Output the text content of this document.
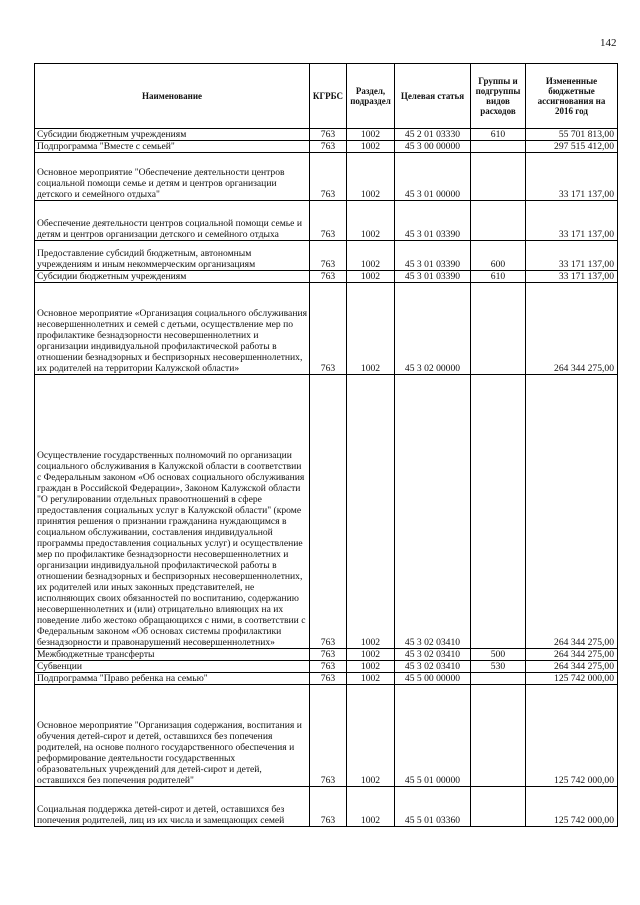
142
Наименование	КГРБС	Раздел, подраздел	Целевая статья	Группы и подгруппы видов расходов	Измененные бюджетные ассигнования на 2016 год
Субсидии бюджетным учреждениям	763	1002	45 2 01 03330	610	55 701 813,00
Подпрограмма "Вместе с семьей"	763	1002	45 3 00 00000		297 515 412,00
Основное мероприятие "Обеспечение деятельности центров социальной помощи семье и детям и центров организации детского и семейного отдыха"	763	1002	45 3 01 00000		33 171 137,00
Обеспечение деятельности центров социальной помощи семье и детям и центров организации детского и семейного отдыха	763	1002	45 3 01 03390		33 171 137,00
Предоставление субсидий бюджетным, автономным учреждениям и иным некоммерческим организациям	763	1002	45 3 01 03390	600	33 171 137,00
Субсидии бюджетным учреждениям	763	1002	45 3 01 03390	610	33 171 137,00
Основное мероприятие «Организация социального обслуживания несовершеннолетних и семей с детьми, осуществление мер по профилактике безнадзорности несовершеннолетних и организации индивидуальной профилактической работы в отношении безнадзорных и беспризорных несовершеннолетних, их родителей на территории Калужской области»	763	1002	45 3 02 00000		264 344 275,00
Осуществление государственных полномочий по организации социального обслуживания в Калужской области в соответствии с Федеральным законом «Об основах социального обслуживания граждан в Российской Федерации», Законом Калужской области "О регулировании отдельных правоотношений в сфере предоставления социальных услуг в Калужской области" (кроме принятия решения о признании гражданина нуждающимся в социальном обслуживании, составления индивидуальной программы предоставления социальных услуг) и осуществление мер по профилактике безнадзорности несовершеннолетних и организации индивидуальной профилактической работы в отношении безнадзорных и беспризорных несовершеннолетних, их родителей или иных законных представителей, не исполняющих своих обязанностей по воспитанию, содержанию несовершеннолетних и (или) отрицательно влияющих на их поведение либо жестоко обращающихся с ними, в соответствии с Федеральным законом «Об основах системы профилактики безнадзорности и правонарушений несовершеннолетних»	763	1002	45 3 02 03410		264 344 275,00
Межбюджетные трансферты	763	1002	45 3 02 03410	500	264 344 275,00
Субвенции	763	1002	45 3 02 03410	530	264 344 275,00
Подпрограмма "Право ребенка на семью"	763	1002	45 5 00 00000		125 742 000,00
Основное мероприятие "Организация содержания, воспитания и обучения детей-сирот и детей, оставшихся без попечения родителей, на основе полного государственного обеспечения и реформирование деятельности государственных образовательных учреждений для детей-сирот и детей, оставшихся без попечения родителей"	763	1002	45 5 01 00000		125 742 000,00
Социальная поддержка детей-сирот и детей, оставшихся без попечения родителей, лиц из их числа и замещающих семей	763	1002	45 5 01 03360		125 742 000,00
